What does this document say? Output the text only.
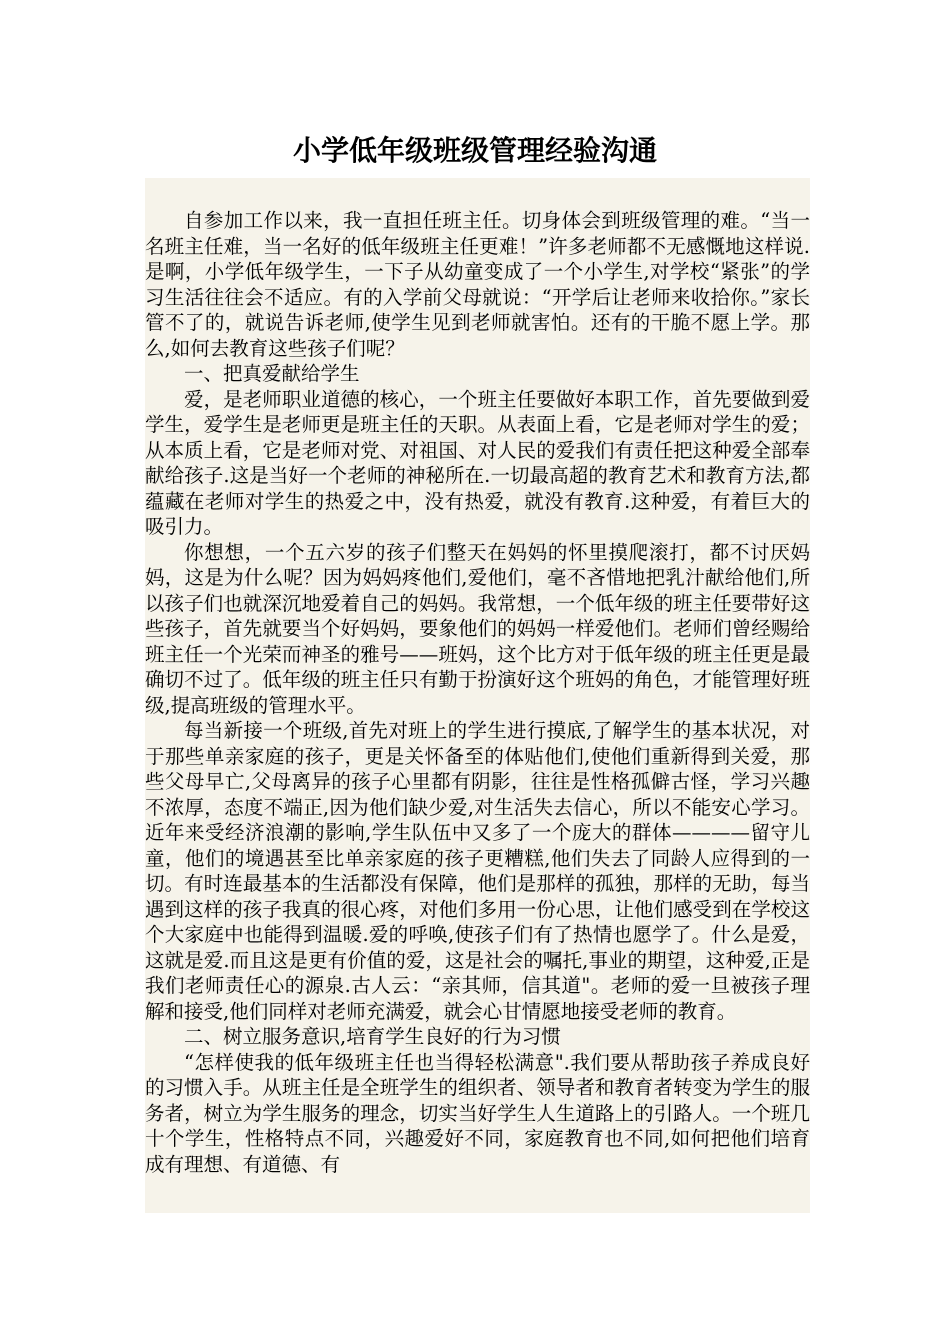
小学低年级班级管理经验沟通

自参加工作以来，我一直担任班主任。切身体会到班级管理的难。“当一名班主任难，当一名好的低年级班主任更难！”许多老师都不无感慨地这样说.是啊，小学低年级学生，一下子从幼童变成了一个小学生,对学校“紧张”的学习生活往往会不适应。有的入学前父母就说：“开学后让老师来收拾你。”家长管不了的，就说告诉老师,使学生见到老师就害怕。还有的干脆不愿上学。那么,如何去教育这些孩子们呢？

一、把真爱献给学生

爱，是老师职业道德的核心，一个班主任要做好本职工作，首先要做到爱学生，爱学生是老师更是班主任的天职。从表面上看，它是老师对学生的爱；从本质上看，它是老师对党、对祖国、对人民的爱我们有责任把这种爱全部奉献给孩子.这是当好一个老师的神秘所在.一切最高超的教育艺术和教育方法,都蕴藏在老师对学生的热爱之中，没有热爱，就没有教育.这种爱，有着巨大的吸引力。

你想想，一个五六岁的孩子们整天在妈妈的怀里摸爬滚打，都不讨厌妈妈，这是为什么呢？因为妈妈疼他们,爱他们，毫不吝惜地把乳汁献给他们,所以孩子们也就深沉地爱着自己的妈妈。我常想，一个低年级的班主任要带好这些孩子，首先就要当个好妈妈，要象他们的妈妈一样爱他们。老师们曾经赐给班主任一个光荣而神圣的雅号——班妈，这个比方对于低年级的班主任更是最确切不过了。低年级的班主任只有勤于扮演好这个班妈的角色，才能管理好班级,提高班级的管理水平。

每当新接一个班级,首先对班上的学生进行摸底,了解学生的基本状况，对于那些单亲家庭的孩子，更是关怀备至的体贴他们,使他们重新得到关爱，那些父母早亡,父母离异的孩子心里都有阴影，往往是性格孤僻古怪，学习兴趣不浓厚，态度不端正,因为他们缺少爱,对生活失去信心，所以不能安心学习。近年来受经济浪潮的影响,学生队伍中又多了一个庞大的群体————留守儿童，他们的境遇甚至比单亲家庭的孩子更糟糕,他们失去了同龄人应得到的一切。有时连最基本的生活都没有保障，他们是那样的孤独，那样的无助，每当遇到这样的孩子我真的很心疼，对他们多用一份心思，让他们感受到在学校这个大家庭中也能得到温暖.爱的呼唤,使孩子们有了热情也愿学了。什么是爱，这就是爱.而且这是更有价值的爱，这是社会的嘱托,事业的期望，这种爱,正是我们老师责任心的源泉.古人云：“亲其师，信其道"。老师的爱一旦被孩子理解和接受,他们同样对老师充满爱，就会心甘情愿地接受老师的教育。

二、树立服务意识,培育学生良好的行为习惯

“怎样使我的低年级班主任也当得轻松满意".我们要从帮助孩子养成良好的习惯入手。从班主任是全班学生的组织者、领导者和教育者转变为学生的服务者，树立为学生服务的理念，切实当好学生人生道路上的引路人。一个班几十个学生，性格特点不同，兴趣爱好不同，家庭教育也不同,如何把他们培育成有理想、有道德、有
